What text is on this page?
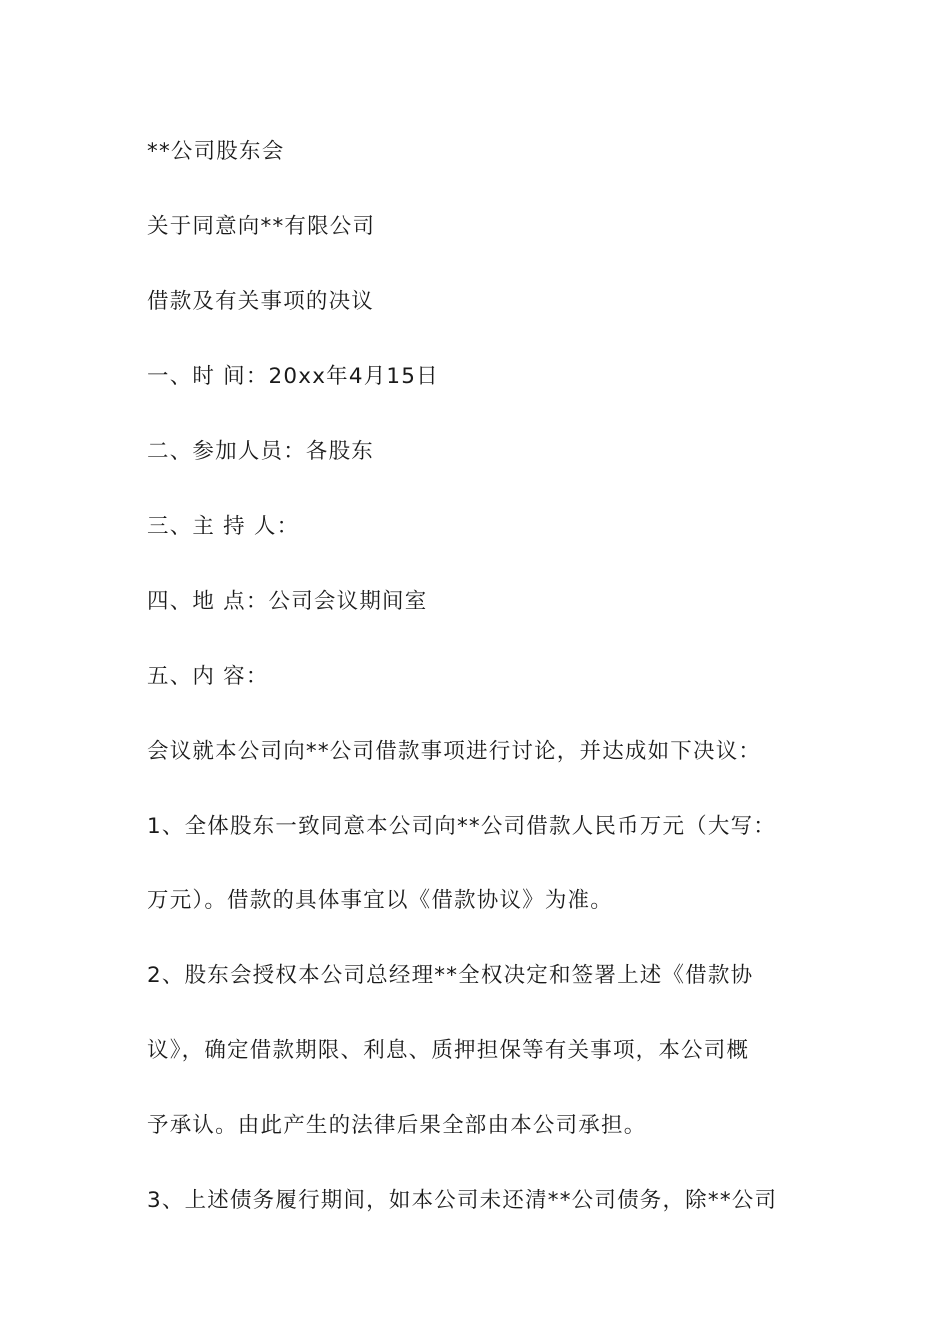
**公司股东会
关于同意向**有限公司
借款及有关事项的决议
一、时 间：20xx年4月15日
二、参加人员：各股东
三、主 持 人：
四、地 点：公司会议期间室
五、内 容：
会议就本公司向**公司借款事项进行讨论，并达成如下决议：
1、全体股东一致同意本公司向**公司借款人民币万元（大写：
万元）。借款的具体事宜以《借款协议》为准。
2、股东会授权本公司总经理**全权决定和签署上述《借款协
议》，确定借款期限、利息、质押担保等有关事项，本公司概
予承认。由此产生的法律后果全部由本公司承担。
3、上述债务履行期间，如本公司未还清**公司债务，除**公司
